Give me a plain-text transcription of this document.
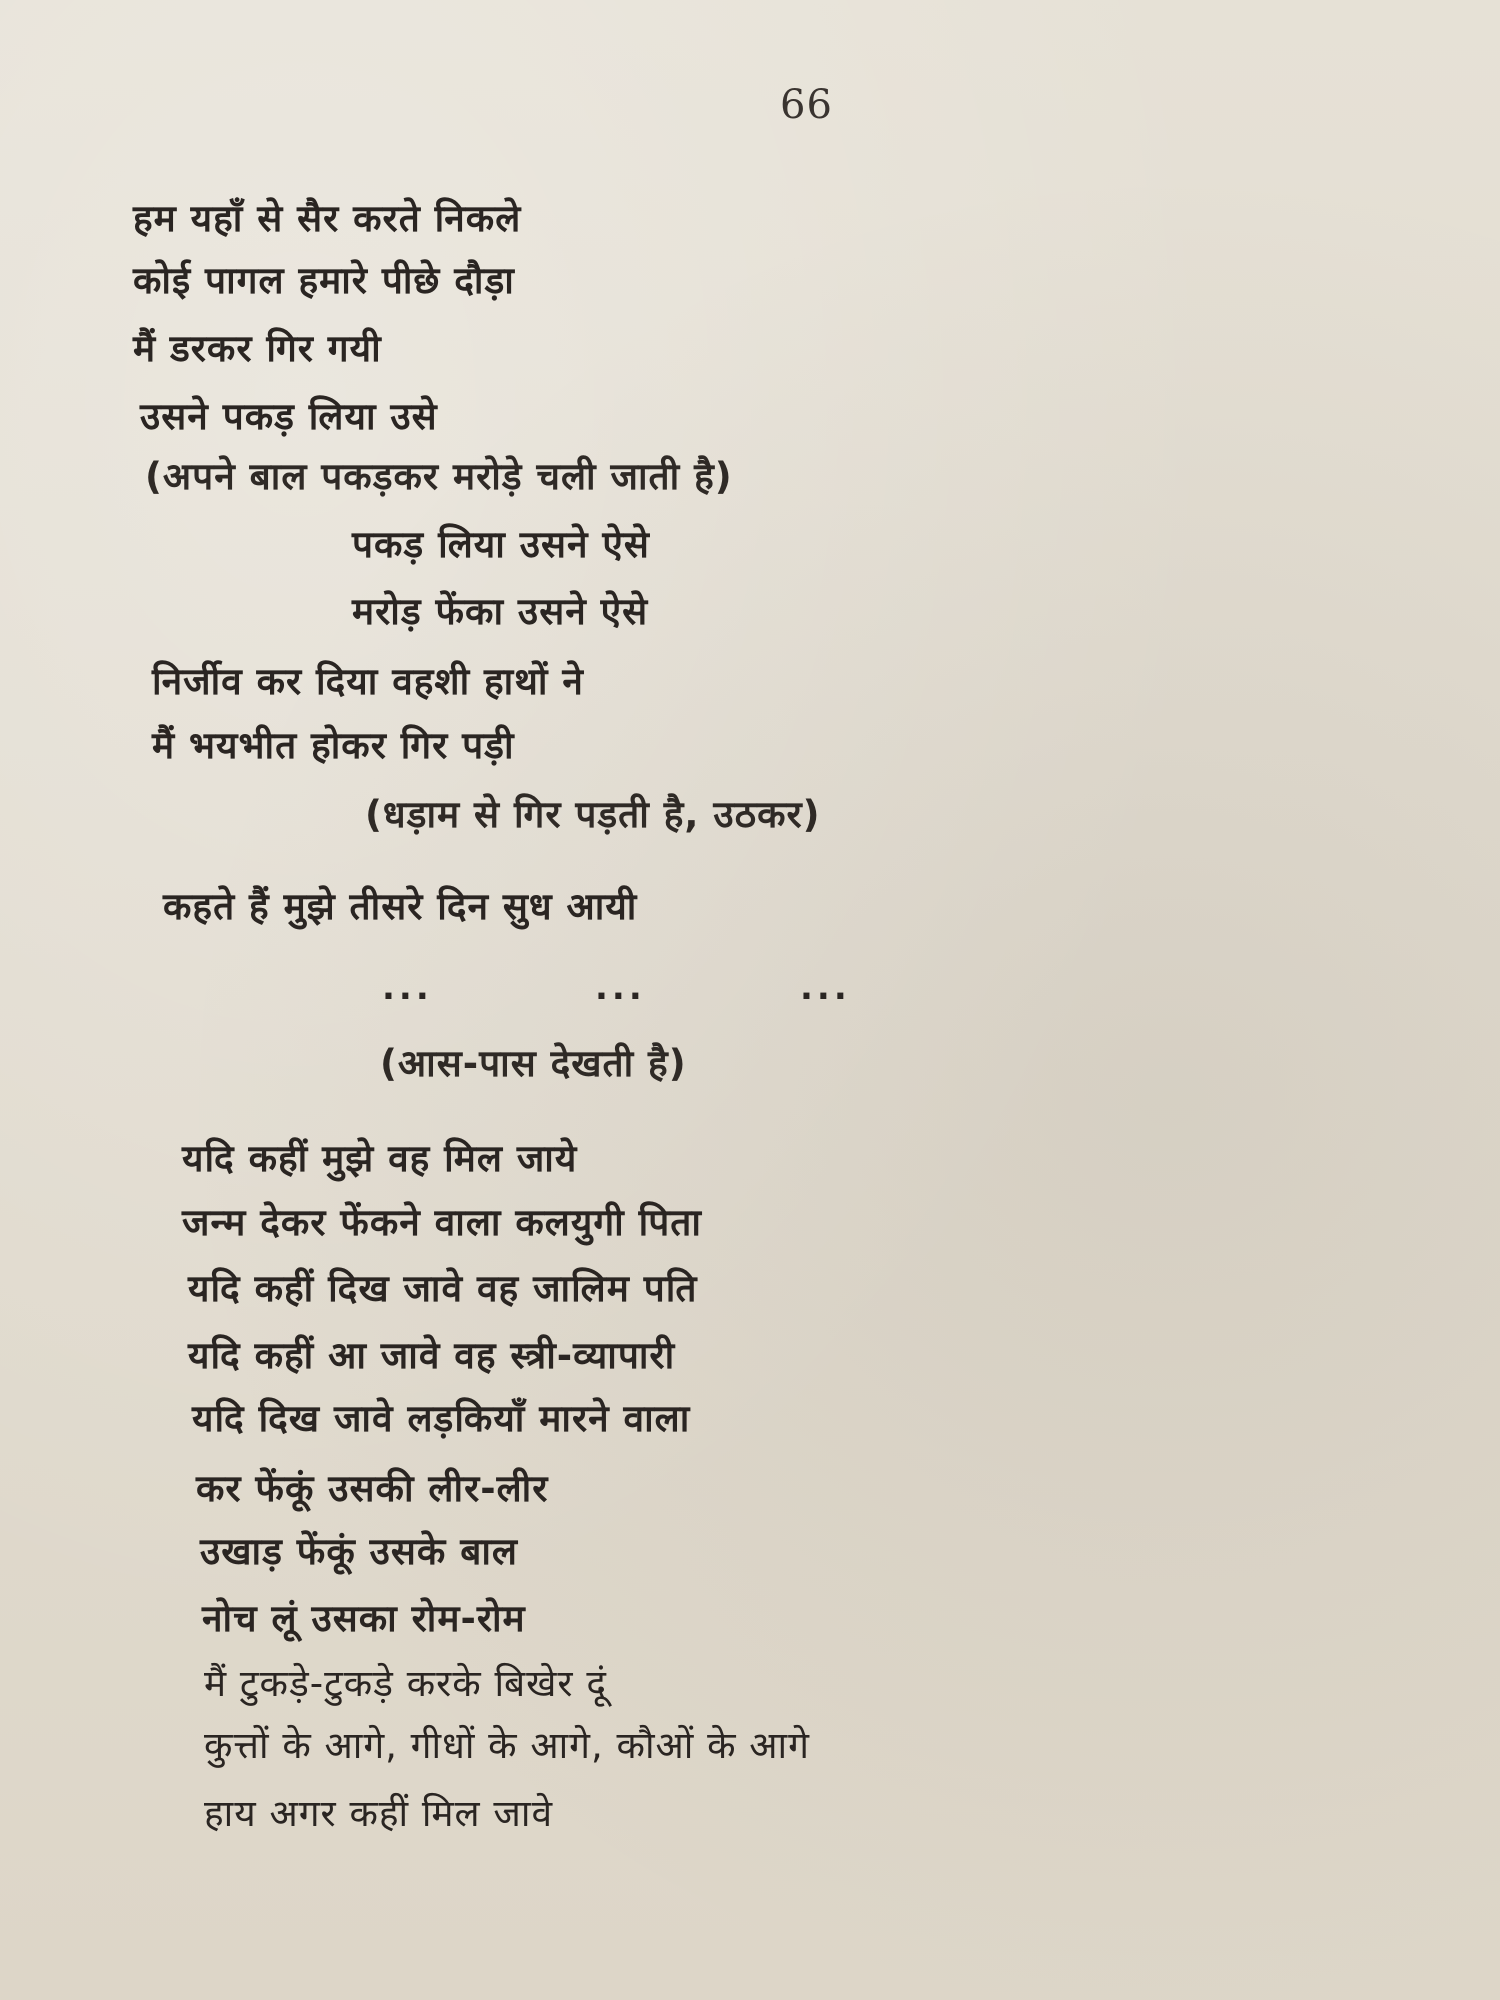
66
हम यहाँ से सैर करते निकले
कोई पागल हमारे पीछे दौड़ा
मैं डरकर गिर गयी
उसने पकड़ लिया उसे
(अपने बाल पकड़कर मरोड़े चली जाती है)
पकड़ लिया उसने ऐसे
मरोड़ फेंका उसने ऐसे
निर्जीव कर दिया वहशी हाथों ने
मैं भयभीत होकर गिर पड़ी
(धड़ाम से गिर पड़ती है, उठकर)
कहते हैं मुझे तीसरे दिन सुध आयी
...	...	...
(आस-पास देखती है)
यदि कहीं मुझे वह मिल जाये
जन्म देकर फेंकने वाला कलयुगी पिता
यदि कहीं दिख जावे वह जालिम पति
यदि कहीं आ जावे वह स्त्री-व्यापारी
यदि दिख जावे लड़कियाँ मारने वाला
कर फेंकूं उसकी लीर-लीर
उखाड़ फेंकूं उसके बाल
नोच लूं उसका रोम-रोम
मैं टुकड़े-टुकड़े करके बिखेर दूं
कुत्तों के आगे, गीधों के आगे, कौओं के आगे
हाय अगर कहीं मिल जावे
